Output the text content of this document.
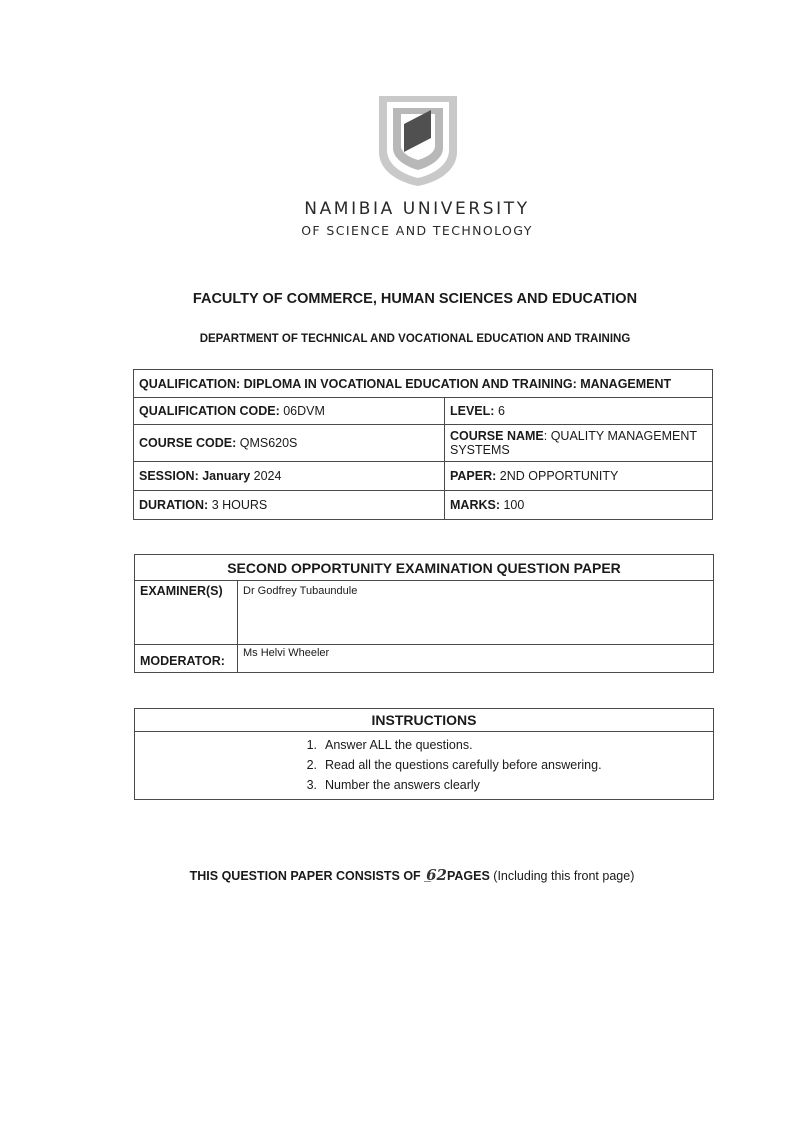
NAMIBIA UNIVERSITY
OF SCIENCE AND TECHNOLOGY
FACULTY OF COMMERCE, HUMAN SCIENCES AND EDUCATION
DEPARTMENT OF TECHNICAL AND VOCATIONAL EDUCATION AND TRAINING
QUALIFICATION: DIPLOMA IN VOCATIONAL EDUCATION AND TRAINING: MANAGEMENT	
QUALIFICATION CODE: 06DVM	LEVEL: 6
COURSE CODE: QMS620S	COURSE NAME: QUALITY MANAGEMENT SYSTEMS
SESSION: January 2024	PAPER: 2ND OPPORTUNITY
DURATION: 3 HOURS	MARKS: 100
SECOND OPPORTUNITY EXAMINATION QUESTION PAPER	
EXAMINER(S)	Dr Godfrey Tubaundule
MODERATOR:	Ms Helvi Wheeler
INSTRUCTIONS

1. Answer ALL the questions.
2. Read all the questions carefully before answering.
3. Number the answers clearly
THIS QUESTION PAPER CONSISTS OF _62PAGES (Including this front page)
